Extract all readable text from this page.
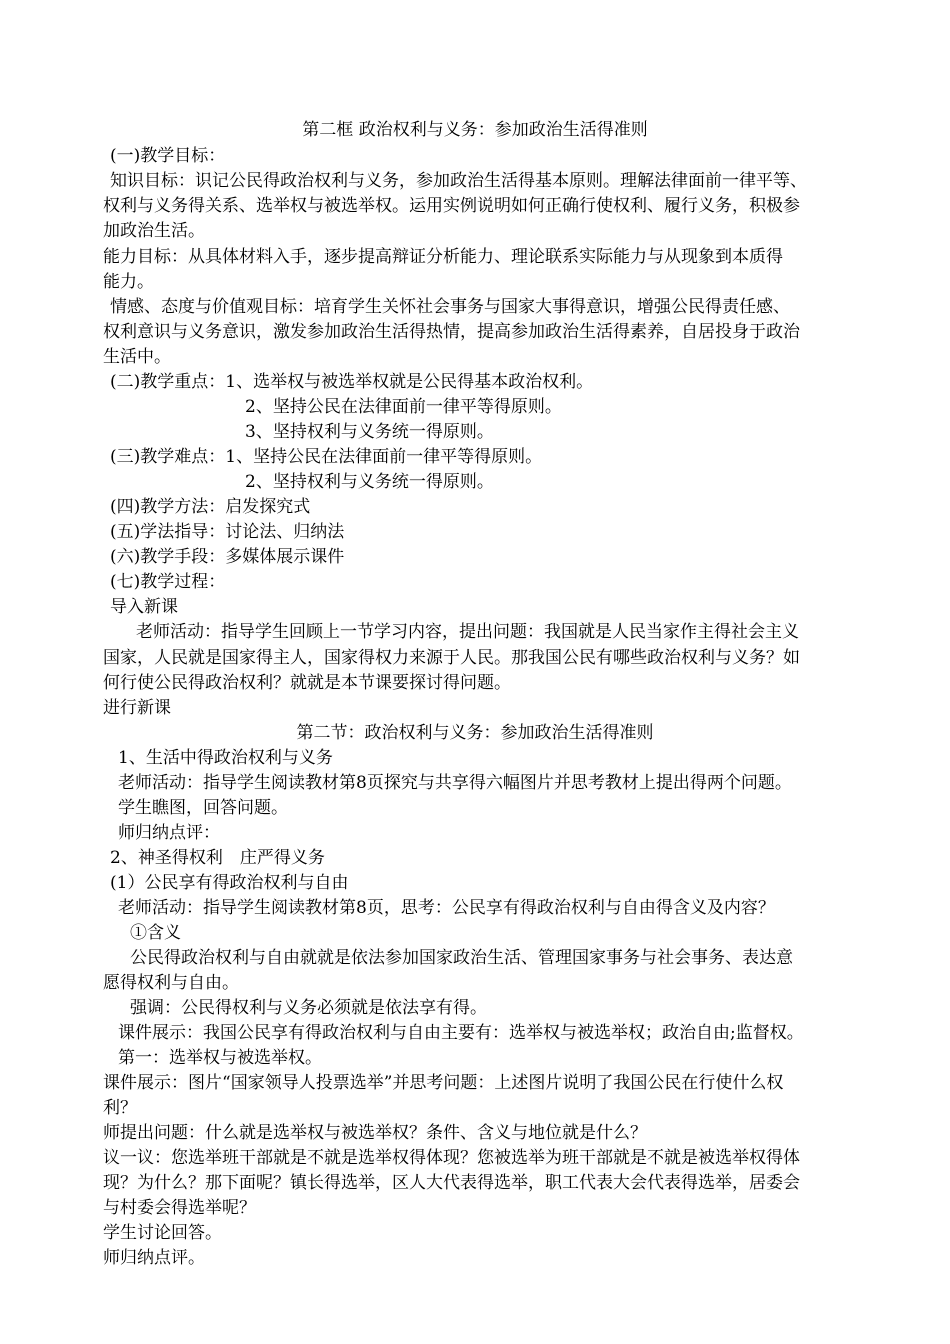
第二框 政治权利与义务：参加政治生活得准则
(一)教学目标：
知识目标：识记公民得政治权利与义务，参加政治生活得基本原则。理解法律面前一律平等、
权利与义务得关系、选举权与被选举权。运用实例说明如何正确行使权利、履行义务，积极参
加政治生活。
能力目标：从具体材料入手，逐步提高辩证分析能力、理论联系实际能力与从现象到本质得
能力。
情感、态度与价值观目标：培育学生关怀社会事务与国家大事得意识，增强公民得责任感、
权利意识与义务意识，激发参加政治生活得热情，提高参加政治生活得素养，自居投身于政治
生活中。
(二)教学重点：1、选举权与被选举权就是公民得基本政治权利。
2、坚持公民在法律面前一律平等得原则。
3、坚持权利与义务统一得原则。
(三)教学难点：1、坚持公民在法律面前一律平等得原则。
2、坚持权利与义务统一得原则。
(四)教学方法：启发探究式
(五)学法指导：讨论法、归纳法
(六)教学手段：多媒体展示课件
(七)教学过程：
导入新课
老师活动：指导学生回顾上一节学习内容，提出问题：我国就是人民当家作主得社会主义
国家，人民就是国家得主人，国家得权力来源于人民。那我国公民有哪些政治权利与义务？如
何行使公民得政治权利？就就是本节课要探讨得问题。
进行新课
第二节：政治权利与义务：参加政治生活得准则
1、生活中得政治权利与义务
老师活动：指导学生阅读教材第8页探究与共享得六幅图片并思考教材上提出得两个问题。
学生瞧图，回答问题。
师归纳点评：
2、神圣得权利　庄严得义务
(1）公民享有得政治权利与自由
老师活动：指导学生阅读教材第8页，思考：公民享有得政治权利与自由得含义及内容？
①含义
公民得政治权利与自由就就是依法参加国家政治生活、管理国家事务与社会事务、表达意
愿得权利与自由。
强调：公民得权利与义务必须就是依法享有得。
课件展示：我国公民享有得政治权利与自由主要有：选举权与被选举权；政治自由;监督权。
第一：选举权与被选举权。
课件展示：图片“国家领导人投票选举”并思考问题：上述图片说明了我国公民在行使什么权
利？
师提出问题：什么就是选举权与被选举权？条件、含义与地位就是什么？
议一议：您选举班干部就是不就是选举权得体现？您被选举为班干部就是不就是被选举权得体
现？为什么？那下面呢？镇长得选举，区人大代表得选举，职工代表大会代表得选举，居委会
与村委会得选举呢？
学生讨论回答。
师归纳点评。
